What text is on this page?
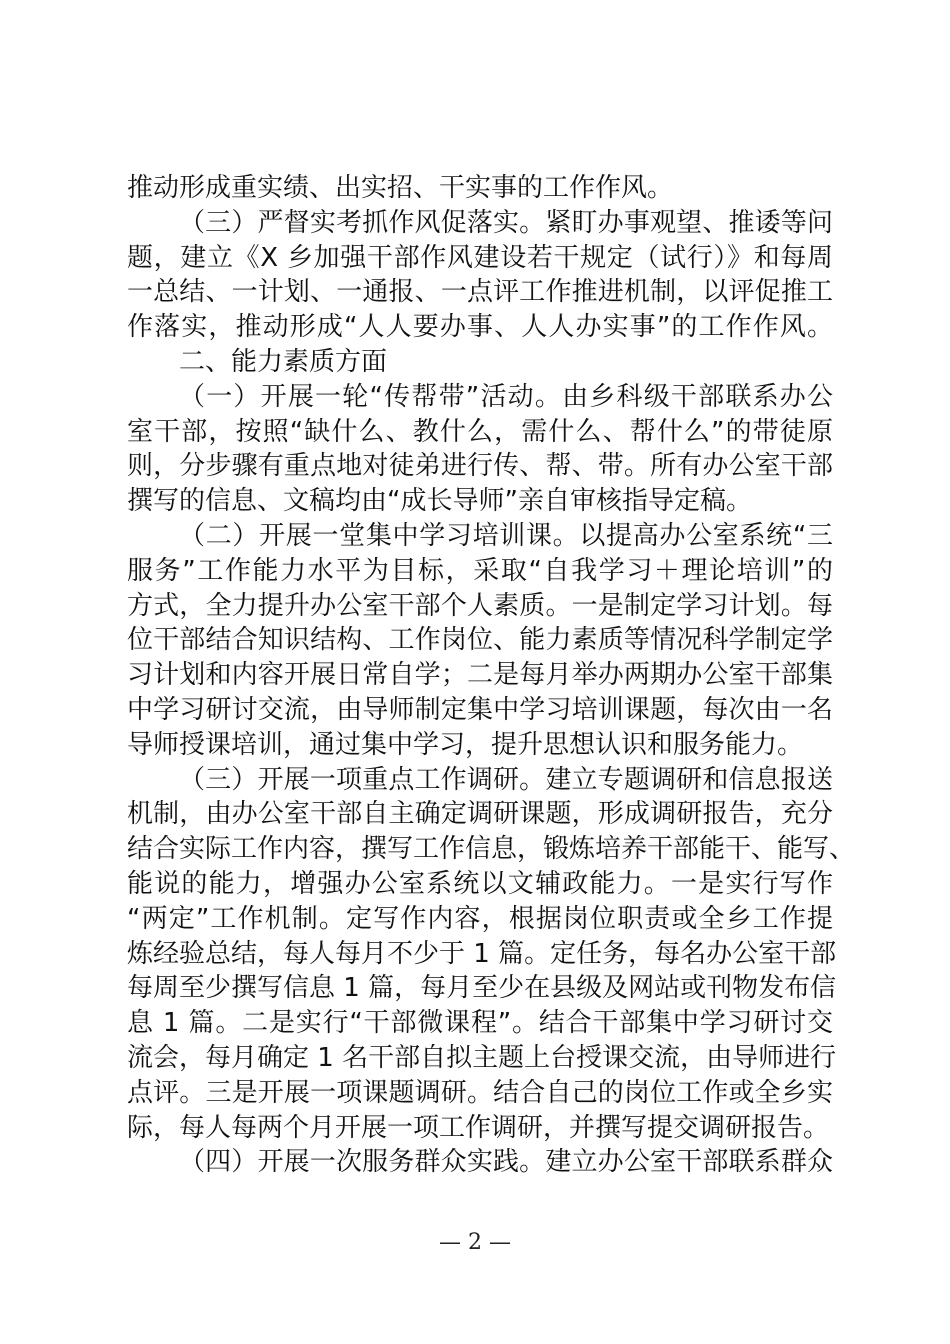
推动形成重实绩、出实招、干实事的工作作风。
（三）严督实考抓作风促落实。紧盯办事观望、推诿等问
题，建立《X 乡加强干部作风建设若干规定（试行）》和每周
一总结、一计划、一通报、一点评工作推进机制，以评促推工
作落实，推动形成“人人要办事、人人办实事”的工作作风。
二、能力素质方面
（一）开展一轮“传帮带”活动。由乡科级干部联系办公
室干部，按照“缺什么、教什么，需什么、帮什么”的带徒原
则，分步骤有重点地对徒弟进行传、帮、带。所有办公室干部
撰写的信息、文稿均由“成长导师”亲自审核指导定稿。
（二）开展一堂集中学习培训课。以提高办公室系统“三
服务”工作能力水平为目标，采取“自我学习＋理论培训”的
方式，全力提升办公室干部个人素质。一是制定学习计划。每
位干部结合知识结构、工作岗位、能力素质等情况科学制定学
习计划和内容开展日常自学；二是每月举办两期办公室干部集
中学习研讨交流，由导师制定集中学习培训课题，每次由一名
导师授课培训，通过集中学习，提升思想认识和服务能力。
（三）开展一项重点工作调研。建立专题调研和信息报送
机制，由办公室干部自主确定调研课题，形成调研报告，充分
结合实际工作内容，撰写工作信息，锻炼培养干部能干、能写、
能说的能力，增强办公室系统以文辅政能力。一是实行写作
“两定”工作机制。定写作内容，根据岗位职责或全乡工作提
炼经验总结，每人每月不少于 1 篇。定任务，每名办公室干部
每周至少撰写信息 1 篇，每月至少在县级及网站或刊物发布信
息 1 篇。二是实行“干部微课程”。结合干部集中学习研讨交
流会，每月确定 1 名干部自拟主题上台授课交流，由导师进行
点评。三是开展一项课题调研。结合自己的岗位工作或全乡实
际，每人每两个月开展一项工作调研，并撰写提交调研报告。
（四）开展一次服务群众实践。建立办公室干部联系群众
— 2 —
